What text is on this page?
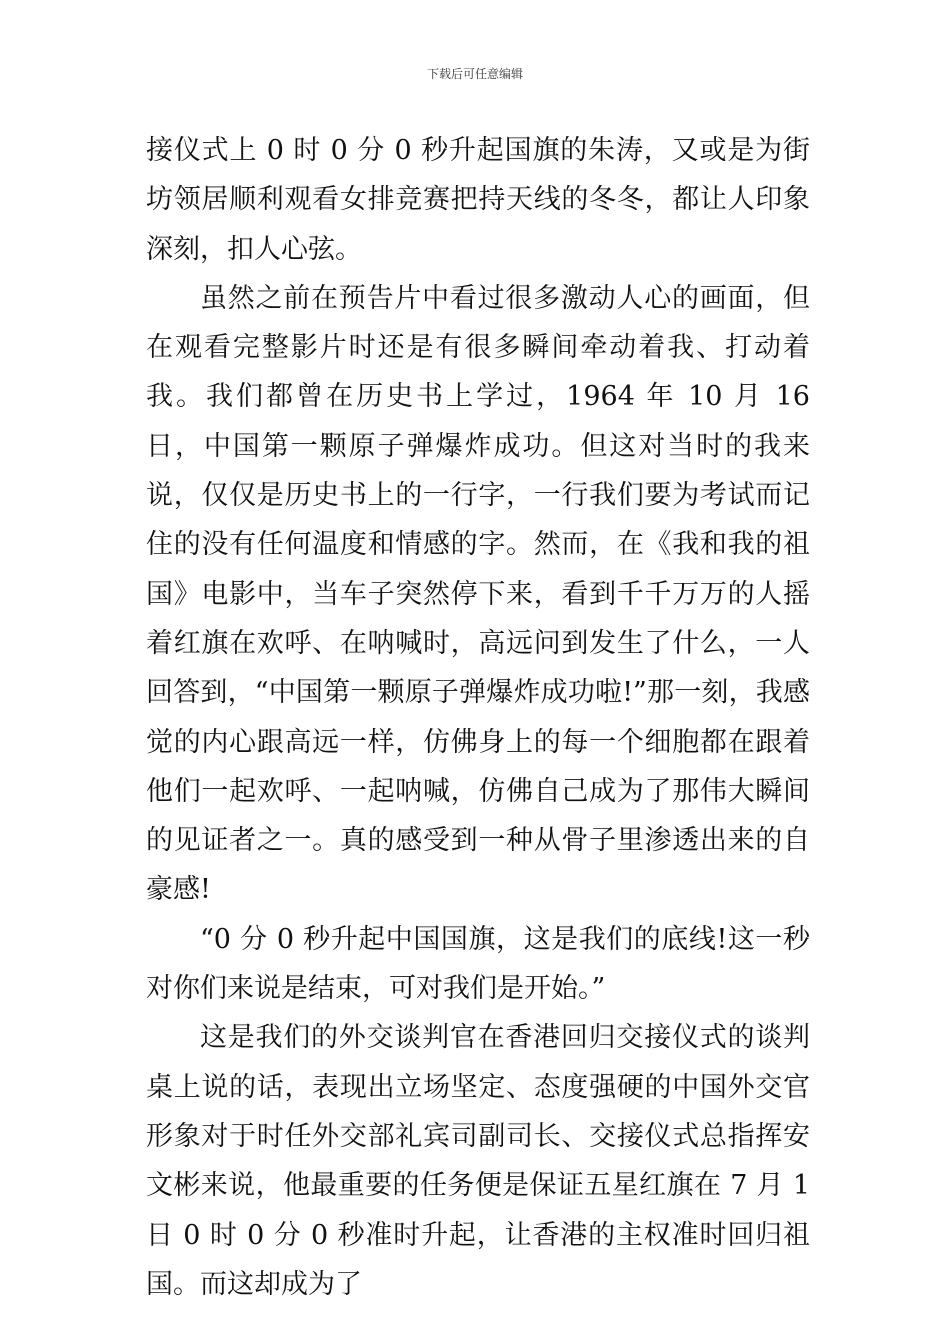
下载后可任意编辑

接仪式上 0 时 0 分 0 秒升起国旗的朱涛，又或是为街坊领居顺利观看女排竞赛把持天线的冬冬，都让人印象深刻，扣人心弦。

虽然之前在预告片中看过很多激动人心的画面，但在观看完整影片时还是有很多瞬间牵动着我、打动着我。我们都曾在历史书上学过，1964 年 10 月 16 日，中国第一颗原子弹爆炸成功。但这对当时的我来说，仅仅是历史书上的一行字，一行我们要为考试而记住的没有任何温度和情感的字。然而，在《我和我的祖国》电影中，当车子突然停下来，看到千千万万的人摇着红旗在欢呼、在呐喊时，高远问到发生了什么，一人回答到，“中国第一颗原子弹爆炸成功啦!”那一刻，我感觉的内心跟高远一样，仿佛身上的每一个细胞都在跟着他们一起欢呼、一起呐喊，仿佛自己成为了那伟大瞬间的见证者之一。真的感受到一种从骨子里渗透出来的自豪感!

“0 分 0 秒升起中国国旗，这是我们的底线!这一秒对你们来说是结束，可对我们是开始。”

这是我们的外交谈判官在香港回归交接仪式的谈判桌上说的话，表现出立场坚定、态度强硬的中国外交官形象对于时任外交部礼宾司副司长、交接仪式总指挥安文彬来说，他最重要的任务便是保证五星红旗在 7 月 1 日 0 时 0 分 0 秒准时升起，让香港的主权准时回归祖国。而这却成为了
